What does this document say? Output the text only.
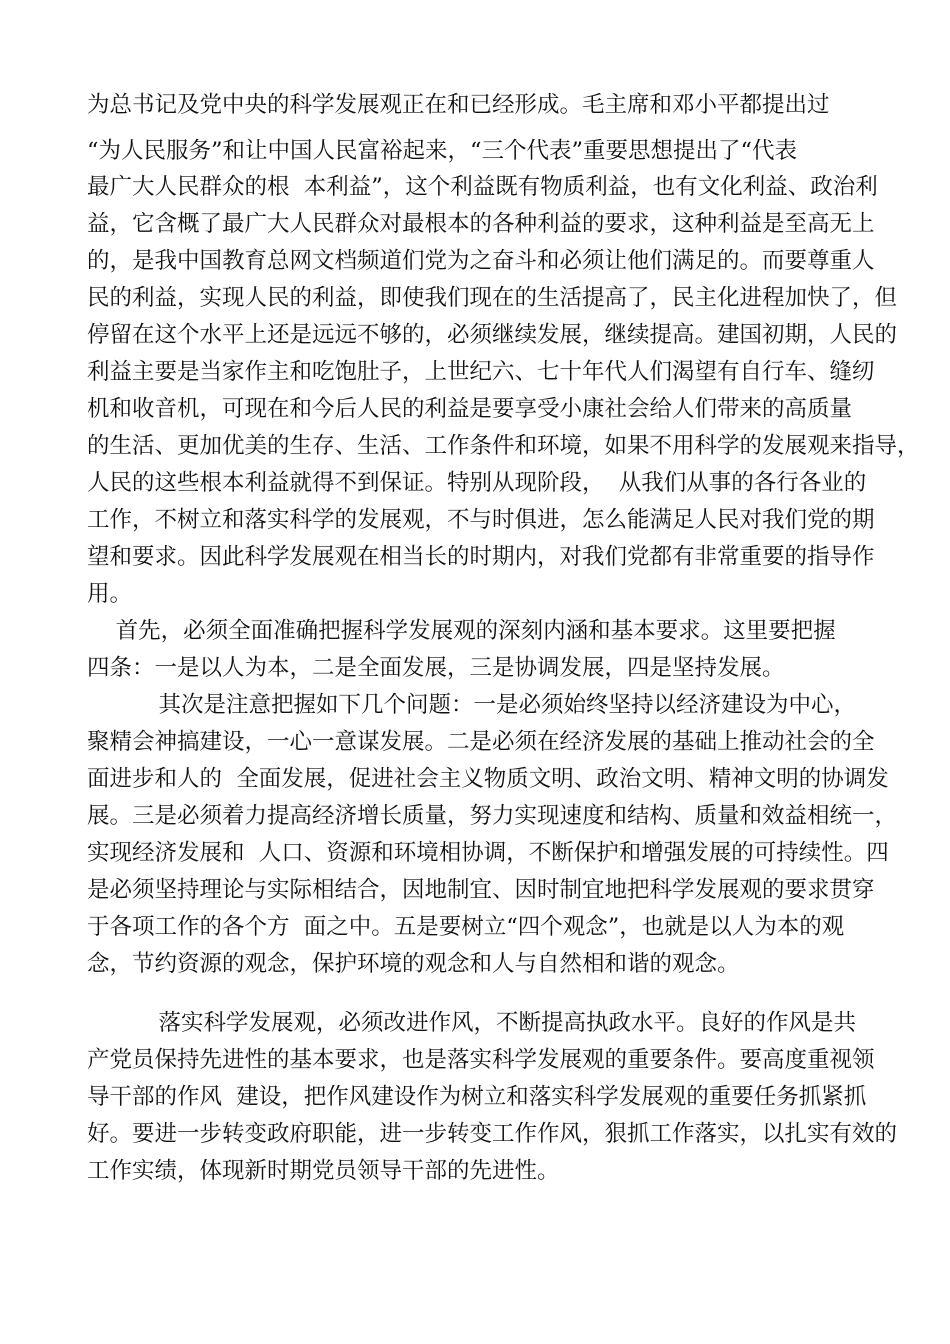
为总书记及党中央的科学发展观正在和已经形成。毛主席和邓小平都提出过
“为人民服务”和让中国人民富裕起来，“三个代表”重要思想提出了“代表
最广大人民群众的根  本利益”，这个利益既有物质利益，也有文化利益、政治利
益，它含概了最广大人民群众对最根本的各种利益的要求，这种利益是至高无上
的，是我中国教育总网文档频道们党为之奋斗和必须让他们满足的。而要尊重人
民的利益，实现人民的利益，即使我们现在的生活提高了，民主化进程加快了，但
停留在这个水平上还是远远不够的，必须继续发展，继续提高。建国初期，人民的
利益主要是当家作主和吃饱肚子，上世纪六、七十年代人们渴望有自行车、缝纫
机和收音机，可现在和今后人民的利益是要享受小康社会给人们带来的高质量
的生活、更加优美的生存、生活、工作条件和环境，如果不用科学的发展观来指导，
人民的这些根本利益就得不到保证。特别从现阶段，  从我们从事的各行各业的
工作，不树立和落实科学的发展观，不与时俱进，怎么能满足人民对我们党的期
望和要求。因此科学发展观在相当长的时期内，对我们党都有非常重要的指导作
用。
首先，必须全面准确把握科学发展观的深刻内涵和基本要求。这里要把握
四条：一是以人为本，二是全面发展，三是协调发展，四是坚持发展。
其次是注意把握如下几个问题：一是必须始终坚持以经济建设为中心，
聚精会神搞建设，一心一意谋发展。二是必须在经济发展的基础上推动社会的全
面进步和人的  全面发展，促进社会主义物质文明、政治文明、精神文明的协调发
展。三是必须着力提高经济增长质量，努力实现速度和结构、质量和效益相统一，
实现经济发展和  人口、资源和环境相协调，不断保护和增强发展的可持续性。四
是必须坚持理论与实际相结合，因地制宜、因时制宜地把科学发展观的要求贯穿
于各项工作的各个方  面之中。五是要树立“四个观念”，也就是以人为本的观
念，节约资源的观念，保护环境的观念和人与自然相和谐的观念。
落实科学发展观，必须改进作风，不断提高执政水平。良好的作风是共
产党员保持先进性的基本要求，也是落实科学发展观的重要条件。要高度重视领
导干部的作风  建设，把作风建设作为树立和落实科学发展观的重要任务抓紧抓
好。要进一步转变政府职能，进一步转变工作作风，狠抓工作落实，以扎实有效的
工作实绩，体现新时期党员领导干部的先进性。
